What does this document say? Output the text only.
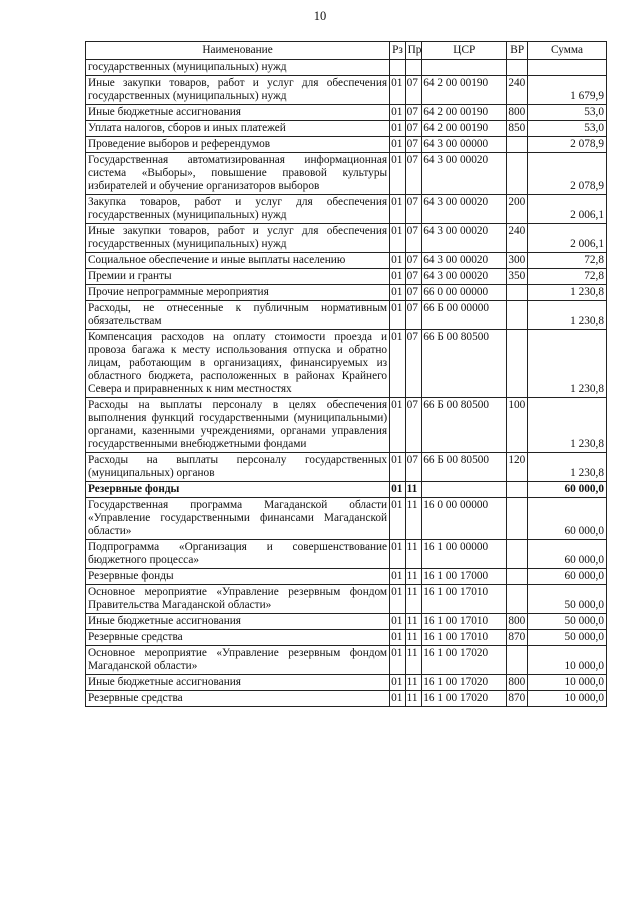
10
Наименование	Рз	Пр	ЦСР	ВР	Сумма
государственных (муниципальных) нужд					
Иные закупки товаров, работ и услуг для обеспечения государственных (муниципальных) нужд	01	07	64 2 00 00190	240	1 679,9
Иные бюджетные ассигнования	01	07	64 2 00 00190	800	53,0
Уплата налогов, сборов и иных платежей	01	07	64 2 00 00190	850	53,0
Проведение выборов и референдумов	01	07	64 3 00 00000		2 078,9
Государственная автоматизированная информационная система «Выборы», повышение правовой культуры избирателей и обучение организаторов выборов	01	07	64 3 00 00020		2 078,9
Закупка товаров, работ и услуг для обеспечения государственных (муниципальных) нужд	01	07	64 3 00 00020	200	2 006,1
Иные закупки товаров, работ и услуг для обеспечения государственных (муниципальных) нужд	01	07	64 3 00 00020	240	2 006,1
Социальное обеспечение и иные выплаты населению	01	07	64 3 00 00020	300	72,8
Премии и гранты	01	07	64 3 00 00020	350	72,8
Прочие непрограммные мероприятия	01	07	66 0 00 00000		1 230,8
Расходы, не отнесенные к публичным нормативным обязательствам	01	07	66 Б 00 00000		1 230,8
Компенсация расходов на оплату стоимости проезда и провоза багажа к месту использования отпуска и обратно лицам, работающим в организациях, финансируемых из областного бюджета, расположенных в районах Крайнего Севера и приравненных к ним местностях	01	07	66 Б 00 80500		1 230,8
Расходы на выплаты персоналу в целях обеспечения выполнения функций государственными (муниципальными) органами, казенными учреждениями, органами управления государственными внебюджетными фондами	01	07	66 Б 00 80500	100	1 230,8
Расходы на выплаты персоналу государственных (муниципальных) органов	01	07	66 Б 00 80500	120	1 230,8
Резервные фонды	01	11			60 000,0
Государственная программа Магаданской области «Управление государственными финансами Магаданской области»	01	11	16 0 00 00000		60 000,0
Подпрограмма «Организация и совершенствование бюджетного процесса»	01	11	16 1 00 00000		60 000,0
Резервные фонды	01	11	16 1 00 17000		60 000,0
Основное мероприятие «Управление резервным фондом Правительства Магаданской области»	01	11	16 1 00 17010		50 000,0
Иные бюджетные ассигнования	01	11	16 1 00 17010	800	50 000,0
Резервные средства	01	11	16 1 00 17010	870	50 000,0
Основное мероприятие «Управление резервным фондом Магаданской области»	01	11	16 1 00 17020		10 000,0
Иные бюджетные ассигнования	01	11	16 1 00 17020	800	10 000,0
Резервные средства	01	11	16 1 00 17020	870	10 000,0
